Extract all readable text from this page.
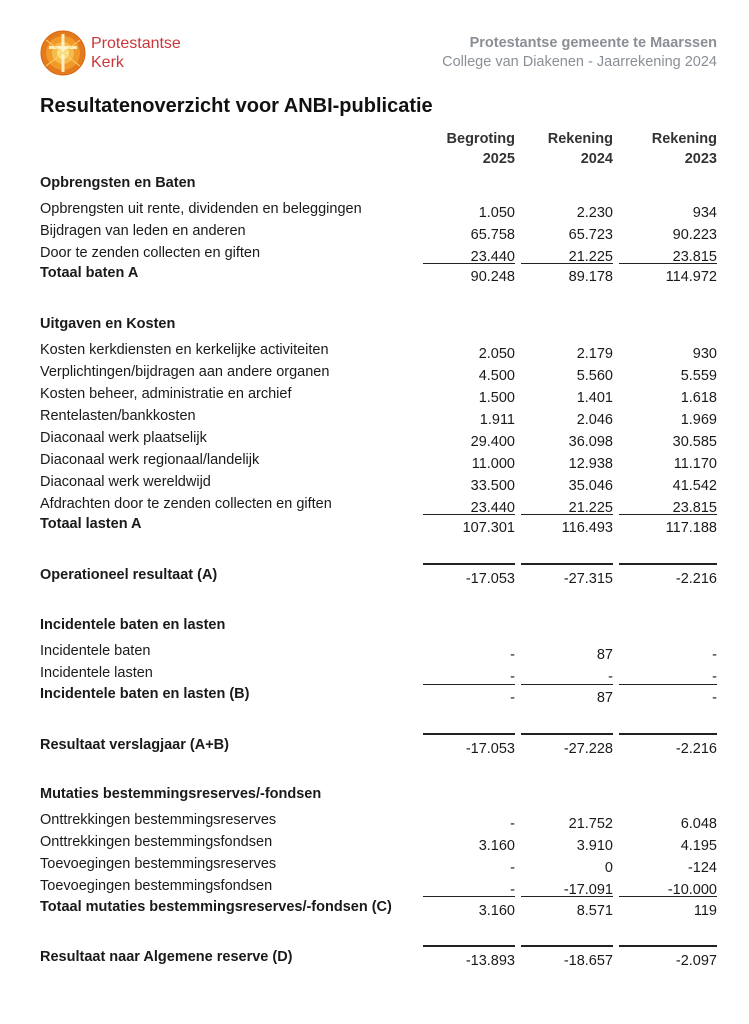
Protestantse
Kerk
Protestantse gemeente te Maarssen
College van Diakenen - Jaarrekening 2024
Resultatenoverzicht voor ANBI-publicatie
Begroting
2025
Rekening
2024
Rekening
2023
Opbrengsten en Baten
Opbrengsten uit rente, dividenden en beleggingen	1.050	2.230	934
Bijdragen van leden en anderen	65.758	65.723	90.223
Door te zenden collecten en giften	23.440	21.225	23.815
Totaal baten A	90.248	89.178	114.972
Uitgaven en Kosten
Kosten kerkdiensten en kerkelijke activiteiten	2.050	2.179	930
Verplichtingen/bijdragen aan andere organen	4.500	5.560	5.559
Kosten beheer, administratie en archief	1.500	1.401	1.618
Rentelasten/bankkosten	1.911	2.046	1.969
Diaconaal werk plaatselijk	29.400	36.098	30.585
Diaconaal werk regionaal/landelijk	11.000	12.938	11.170
Diaconaal werk wereldwijd	33.500	35.046	41.542
Afdrachten door te zenden collecten en giften	23.440	21.225	23.815
Totaal lasten A	107.301	116.493	117.188
Operationeel resultaat (A)	-17.053	-27.315	-2.216
Incidentele baten en lasten
Incidentele baten	-	87	-
Incidentele lasten	-	-	-
Incidentele baten en lasten (B)	-	87	-
Resultaat verslagjaar (A+B)	-17.053	-27.228	-2.216
Mutaties bestemmingsreserves/-fondsen
Onttrekkingen bestemmingsreserves	-	21.752	6.048
Onttrekkingen bestemmingsfondsen	3.160	3.910	4.195
Toevoegingen bestemmingsreserves	-	0	-124
Toevoegingen bestemmingsfondsen	-	-17.091	-10.000
Totaal mutaties bestemmingsreserves/-fondsen (C)	3.160	8.571	119
Resultaat naar Algemene reserve (D)	-13.893	-18.657	-2.097
